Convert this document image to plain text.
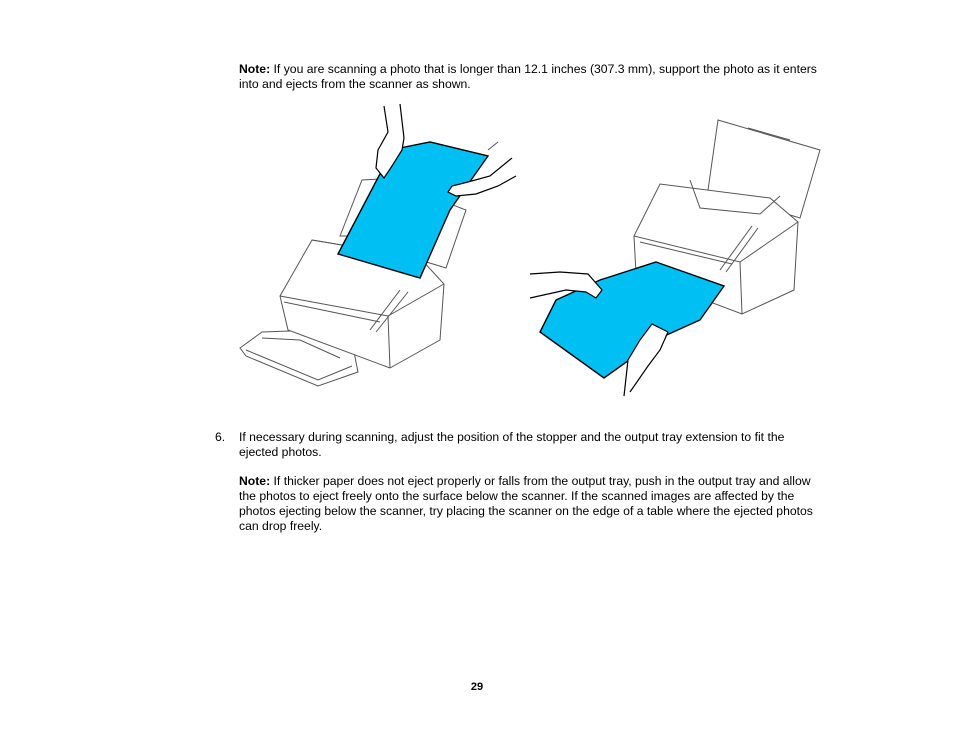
Note: If you are scanning a photo that is longer than 12.1 inches (307.3 mm), support the photo as it enters into and ejects from the scanner as shown.
6. If necessary during scanning, adjust the position of the stopper and the output tray extension to fit the ejected photos.
Note: If thicker paper does not eject properly or falls from the output tray, push in the output tray and allow the photos to eject freely onto the surface below the scanner. If the scanned images are affected by the photos ejecting below the scanner, try placing the scanner on the edge of a table where the ejected photos can drop freely.
29
